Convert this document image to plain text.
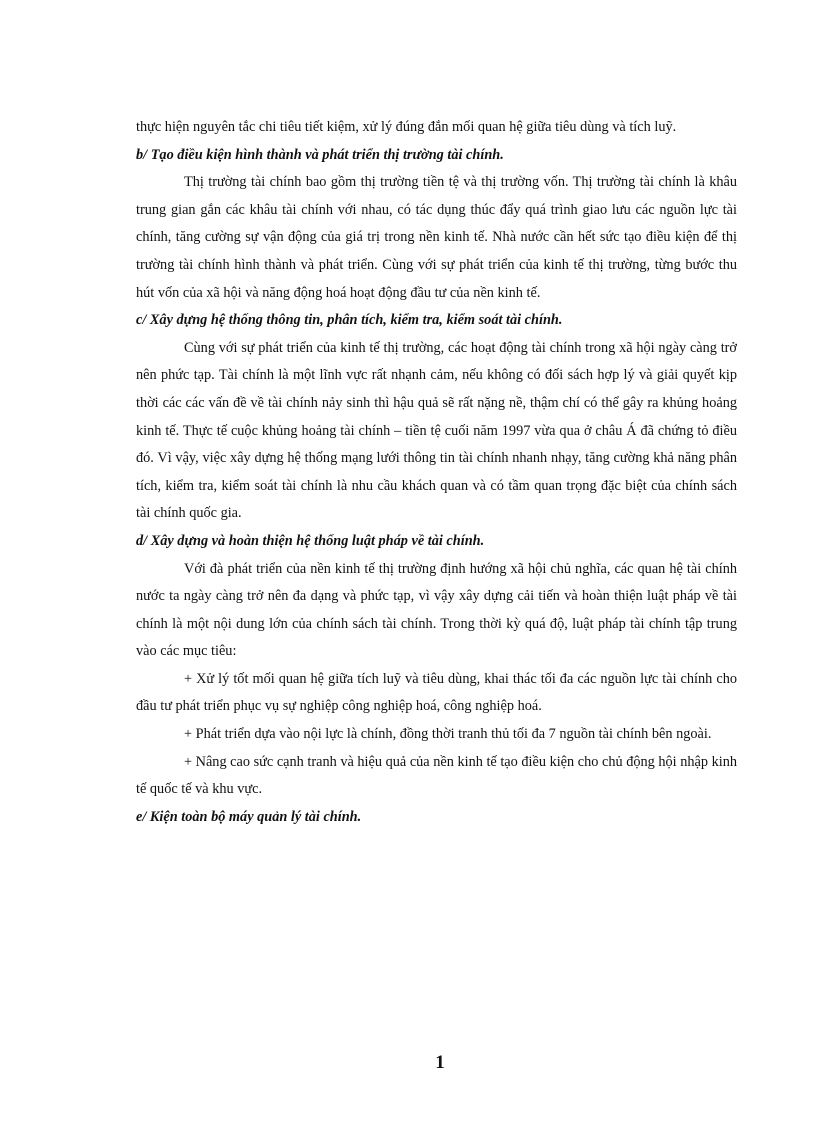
thực hiện nguyên tắc chi tiêu tiết kiệm, xử lý đúng đắn mối quan hệ giữa tiêu dùng và tích luỹ.

b/ Tạo điều kiện hình thành và phát triển thị trường tài chính.

Thị trường tài chính bao gồm thị trường tiền tệ và thị trường vốn. Thị trường tài chính là khâu trung gian gắn các khâu tài chính với nhau, có tác dụng thúc đẩy quá trình giao lưu các nguồn lực tài chính, tăng cường sự vận động của giá trị trong nền kinh tế. Nhà nước cần hết sức tạo điều kiện để thị trường tài chính hình thành và phát triển. Cùng với sự phát triển của kinh tế thị trường, từng bước thu hút vốn của xã hội và năng động hoá hoạt động đầu tư của nền kinh tế.

c/ Xây dựng hệ thống thông tin, phân tích, kiểm tra, kiểm soát tài chính.

Cùng với sự phát triển của kinh tế thị trường, các hoạt động tài chính trong xã hội ngày càng trở nên phức tạp. Tài chính là một lĩnh vực rất nhạnh cảm, nếu không có đối sách hợp lý và giải quyết kịp thời các các vấn đề về tài chính nảy sinh thì hậu quả sẽ rất nặng nề, thậm chí có thể gây ra khủng hoảng kinh tế. Thực tế cuộc khủng hoảng tài chính – tiền tệ cuối năm 1997 vừa qua ở châu Á đã chứng tỏ điều đó. Vì vậy, việc xây dựng hệ thống mạng lưới thông tin tài chính nhanh nhạy, tăng cường khả năng phân tích, kiểm tra, kiểm soát tài chính là nhu cầu khách quan và có tầm quan trọng đặc biệt của chính sách tài chính quốc gia.

d/ Xây dựng và hoàn thiện hệ thống luật pháp về tài chính.

Với đà phát triển của nền kinh tế thị trường định hướng xã hội chủ nghĩa, các quan hệ tài chính nước ta ngày càng trở nên đa dạng và phức tạp, vì vậy xây dựng cải tiến và hoàn thiện luật pháp về tài chính là một nội dung lớn của chính sách tài chính. Trong thời kỳ quá độ, luật pháp tài chính tập trung vào các mục tiêu:

+ Xử lý tốt mối quan hệ giữa tích luỹ và tiêu dùng, khai thác tối đa các nguồn lực tài chính cho đầu tư phát triển phục vụ sự nghiệp công nghiệp hoá, công nghiệp hoá.

+ Phát triển dựa vào nội lực là chính, đồng thời tranh thủ tối đa 7 nguồn tài chính bên ngoài.

+ Nâng cao sức cạnh tranh và hiệu quả của nền kinh tế tạo điều kiện cho chủ động hội nhập kinh tế quốc tế và khu vực.

e/ Kiện toàn bộ máy quản lý tài chính.

1
